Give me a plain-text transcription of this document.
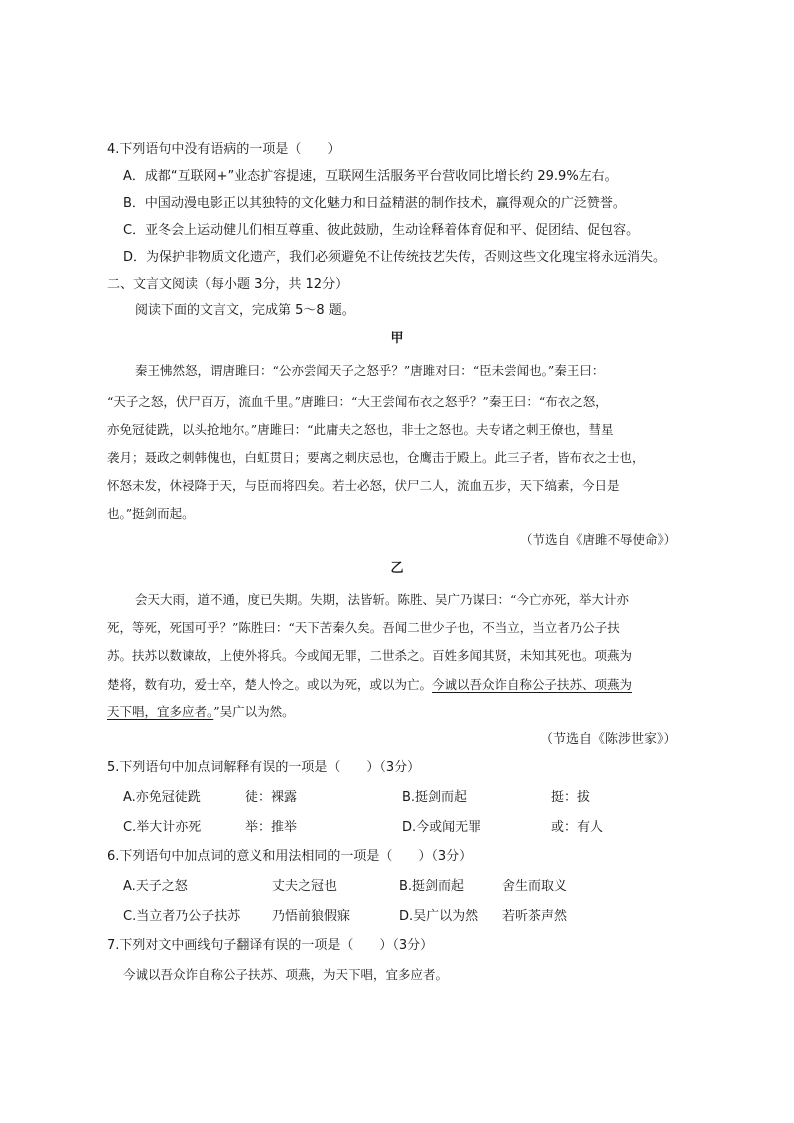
4.下列语句中没有语病的一项是（　　）
A．成都“互联网+”业态扩容提速，互联网生活服务平台营收同比增长约 29.9%左右。
B．中国动漫电影正以其独特的文化魅力和日益精湛的制作技术，赢得观众的广泛赞誉。
C．亚冬会上运动健儿们相互尊重、彼此鼓励，生动诠释着体育促和平、促团结、促包容。
D．为保护非物质文化遗产，我们必须避免不让传统技艺失传，否则这些文化瑰宝将永远消失。
二、文言文阅读（每小题 3分，共 12分）
阅读下面的文言文，完成第 5～8 题。
甲
秦王怫然怒，谓唐雎曰：“公亦尝闻天子之怒乎？”唐雎对曰：“臣未尝闻也。”秦王曰：
“天子之怒，伏尸百万，流血千里。”唐雎曰：“大王尝闻布衣之怒乎？”秦王曰：“布衣之怒，
亦免冠徒跣，以头抢地尔。”唐雎曰：“此庸夫之怒也，非士之怒也。夫专诸之刺王僚也，彗星
袭月；聂政之刺韩傀也，白虹贯日；要离之刺庆忌也，仓鹰击于殿上。此三子者，皆布衣之士也，
怀怒未发，休祲降于天，与臣而将四矣。若士必怒，伏尸二人，流血五步，天下缟素，今日是
也。”挺剑而起。
（节选自《唐雎不辱使命》）
乙
会天大雨，道不通，度已失期。失期，法皆斩。陈胜、吴广乃谋曰：“今亡亦死，举大计亦
死，等死，死国可乎？”陈胜曰：“天下苦秦久矣。吾闻二世少子也，不当立，当立者乃公子扶
苏。扶苏以数谏故，上使外将兵。今或闻无罪，二世杀之。百姓多闻其贤，未知其死也。项燕为
楚将，数有功，爱士卒，楚人怜之。或以为死，或以为亡。今诚以吾众诈自称公子扶苏、项燕为
天下唱，宜多应者。”吴广以为然。
（节选自《陈涉世家》）
5.下列语句中加点词解释有误的一项是（　　）（3分）
A.亦免冠徒跣	徒：裸露	B.挺剑而起	挺：拔
C.举大计亦死	举：推举	D.今或闻无罪	或：有人
6.下列语句中加点词的意义和用法相同的一项是（　　）（3分）
A.天子之怒	丈夫之冠也	B.挺剑而起	舍生而取义
C.当立者乃公子扶苏 乃悟前狼假寐	D.吴广以为然 若听茶声然
7.下列对文中画线句子翻译有误的一项是（　　）（3分）
今诚以吾众诈自称公子扶苏、项燕，为天下唱，宜多应者。
